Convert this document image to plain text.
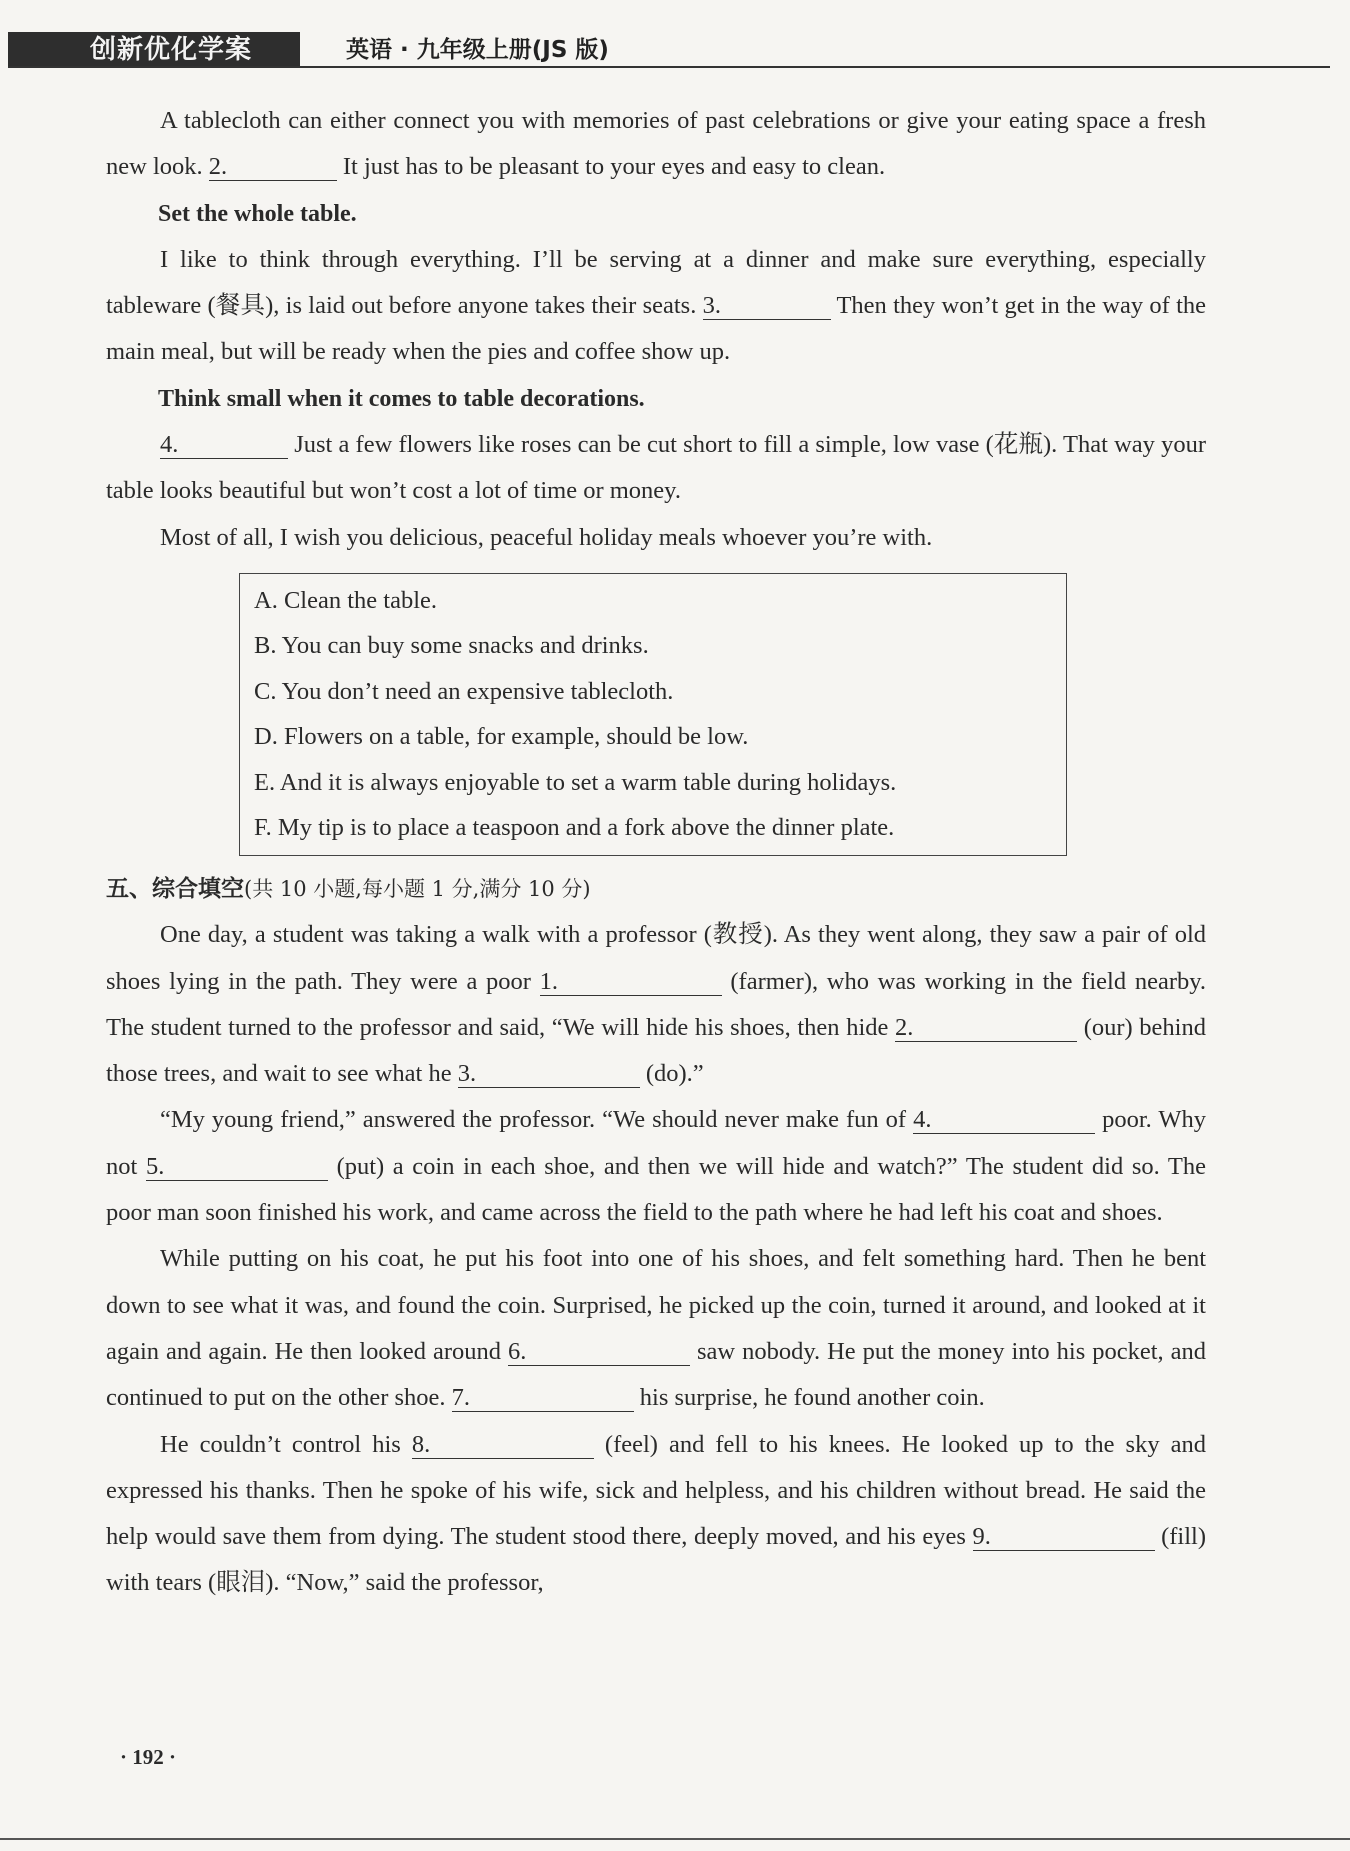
创新优化学案	英语 · 九年级上册(JS 版)

A tablecloth can either connect you with memories of past celebrations or give your eating space a fresh new look. 2.	It just has to be pleasant to your eyes and easy to clean.

Set the whole table.

I like to think through everything. I’ll be serving at a dinner and make sure everything, especially tableware (餐具), is laid out before anyone takes their seats. 3.	Then they won’t get in the way of the main meal, but will be ready when the pies and coffee show up.

Think small when it comes to table decorations.

4.	Just a few flowers like roses can be cut short to fill a simple, low vase (花瓶). That way your table looks beautiful but won’t cost a lot of time or money.

Most of all, I wish you delicious, peaceful holiday meals whoever you’re with.

A. Clean the table.

B. You can buy some snacks and drinks.

C. You don’t need an expensive tablecloth.

D. Flowers on a table, for example, should be low.

E. And it is always enjoyable to set a warm table during holidays.

F. My tip is to place a teaspoon and a fork above the dinner plate.

五、综合填空(共 10 小题,每小题 1 分,满分 10 分)

One day, a student was taking a walk with a professor (教授). As they went along, they saw a pair of old shoes lying in the path. They were a poor 1.	(farmer), who was working in the field nearby. The student turned to the professor and said, “We will hide his shoes, then hide 2.	(our) behind those trees, and wait to see what he 3.	(do).”

“My young friend,” answered the professor. “We should never make fun of 4.	poor. Why not 5.	(put) a coin in each shoe, and then we will hide and watch?” The student did so. The poor man soon finished his work, and came across the field to the path where he had left his coat and shoes.

While putting on his coat, he put his foot into one of his shoes, and felt something hard. Then he bent down to see what it was, and found the coin. Surprised, he picked up the coin, turned it around, and looked at it again and again. He then looked around 6.	saw nobody. He put the money into his pocket, and continued to put on the other shoe. 7.	his surprise, he found another coin.

He couldn’t control his 8.	(feel) and fell to his knees. He looked up to the sky and expressed his thanks. Then he spoke of his wife, sick and helpless, and his children without bread. He said the help would save them from dying. The student stood there, deeply moved, and his eyes 9.	(fill) with tears (眼泪). “Now,” said the professor,

· 192 ·
